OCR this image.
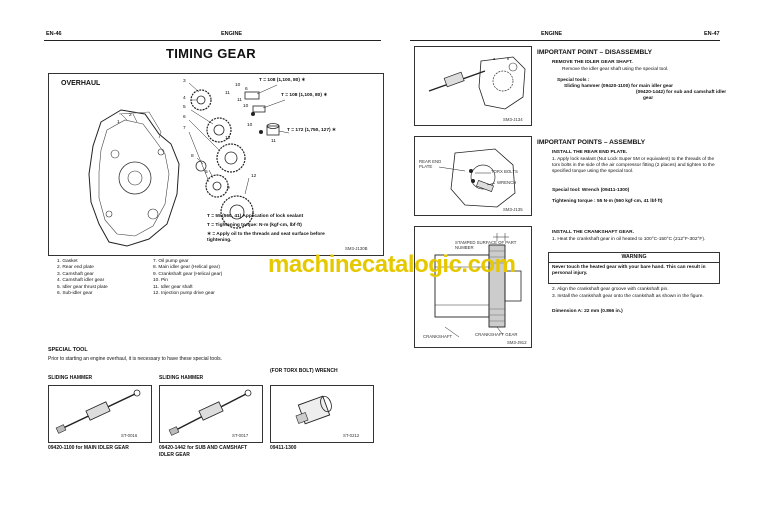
EN-46	ENGINE
TIMING GEAR
OVERHAUL
1
2
3
4
5
6
7
8
9
10
11
12
10
11
12
10
11
5
6
T = 108 (1,100, 80) ∗
T = 108 (1,100, 80) ∗
T = 172 (1,750, 127) ∗
T = 55 (560, 41) Application of lock sealant
T = Tightening torque: N·m (kgf·cm, lbf·ft)
∗ = Apply oil to the threads and seat surface before tightening.
SM3-J130B
1. Gasket
2. Rear end plate
3. Camshaft gear
4. Camshaft idler gear
5. Idler gear thrust plate
6. Sub-idler gear
7. Oil pump gear
8. Main idler gear (Helical gear)
9. Crankshaft gear (Helical gear)
10. Pin
11. Idler gear shaft
12. Injection pump drive gear
SPECIAL TOOL
Prior to starting an engine overhaul, it is necessary to have these special tools.
SLIDING HAMMER
ST-0016
09420-1100 for MAIN IDLER GEAR
SLIDING HAMMER
ST-0017
09420-1442 for SUB AND CAMSHAFT IDLER GEAR
(FOR TORX BOLT) WRENCH
ST-0212
09411-1300
ENGINE	EN-47
a	b
SM3-J134
IMPORTANT POINT – DISASSEMBLY
REMOVE THE IDLER GEAR SHAFT.
Remove the idler gear shaft using the special tool.
Special tools :
Sliding hammer (09420-1100) for main idler gear
(09420-1442) for sub and camshaft idler
gear
REAR END PLATE
TORX BOLTS
WRENCH
SM3-J135
IMPORTANT POINTS – ASSEMBLY
INSTALL THE REAR END PLATE.
1. Apply lock sealant (Nut Lock Super 5M or equivalent) to the threads of the torx bolts in the side of the air compressor fitting (2 places) and tighten to the specified torque using the special tool.
Special tool: Wrench (09411-1300)
Tightening torque : 55 N·m (560 kgf·cm, 41 lbf·ft)
STAMPED SURFACE OF PART NUMBER
CRANKSHAFT	CRANKSHAFT GEAR
SM3-J912
INSTALL THE CRANKSHAFT GEAR.
1. Heat the crankshaft gear in oil heated to 100°C-150°C (212°F-302°F).
WARNING
Never touch the heated gear with your bare hand. This can result in personal injury.
2. Align the crankshaft gear groove with crankshaft pin.
3. Install the crankshaft gear onto the crankshaft as shown in the figure.
Dimension A: 22 mm (0.866 in.)
machinecatalogic.com
